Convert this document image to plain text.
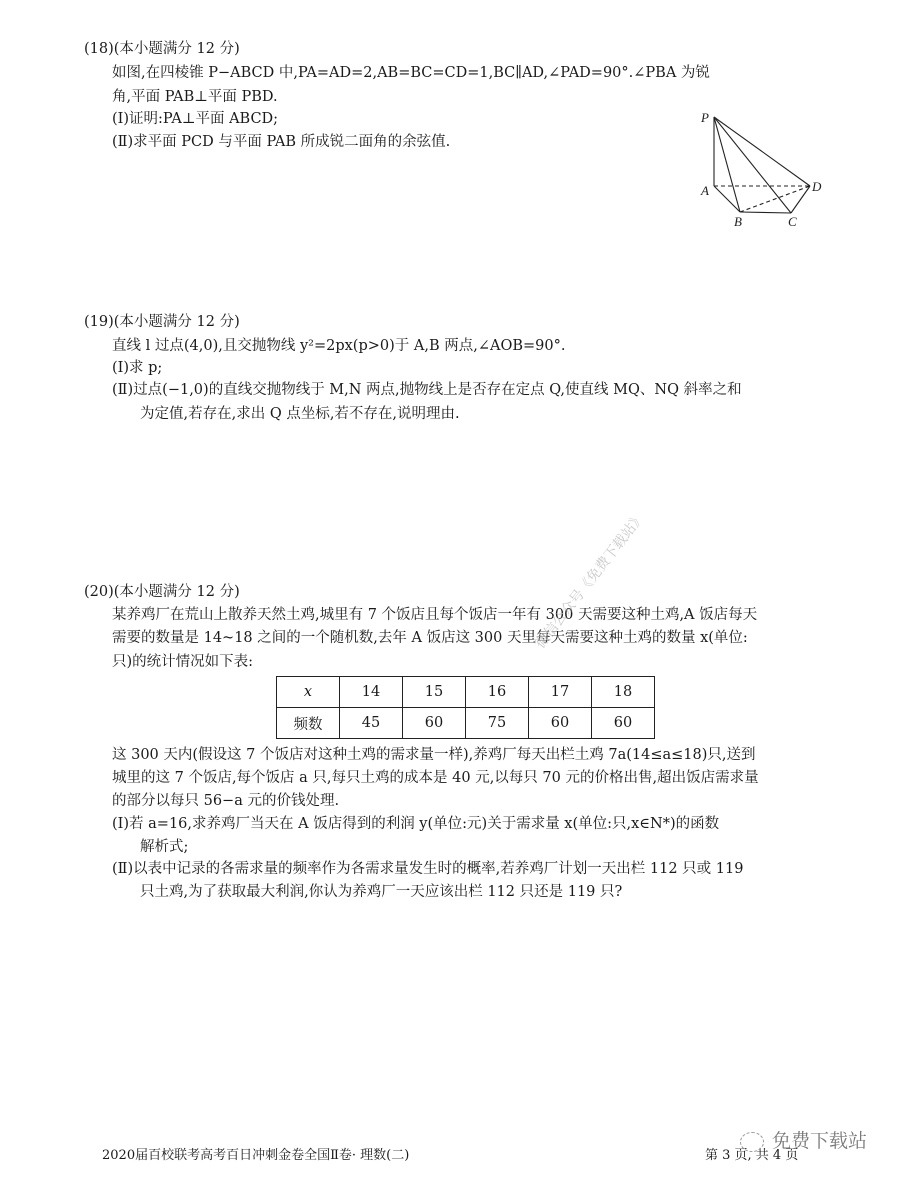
(18)(本小题满分 12 分)
如图,在四棱锥 P−ABCD 中,PA=AD=2,AB=BC=CD=1,BC∥AD,∠PAD=90°.∠PBA 为锐
角,平面 PAB⊥平面 PBD.
(Ⅰ)证明:PA⊥平面 ABCD;
(Ⅱ)求平面 PCD 与平面 PAB 所成锐二面角的余弦值.
P
A
B	C
D
(19)(本小题满分 12 分)
直线 l 过点(4,0),且交抛物线 y²=2px(p>0)于 A,B 两点,∠AOB=90°.
(Ⅰ)求 p;
(Ⅱ)过点(−1,0)的直线交抛物线于 M,N 两点,抛物线上是否存在定点 Q,使直线 MQ、NQ 斜率之和
为定值,若存在,求出 Q 点坐标,若不存在,说明理由.
(20)(本小题满分 12 分)
某养鸡厂在荒山上散养天然土鸡,城里有 7 个饭店且每个饭店一年有 300 天需要这种土鸡,A 饭店每天
需要的数量是 14~18 之间的一个随机数,去年 A 饭店这 300 天里每天需要这种土鸡的数量 x(单位:
只)的统计情况如下表:
x	14	15	16	17	18
频数	45	60	75	60	60
微信公众号《免费下载站》
这 300 天内(假设这 7 个饭店对这种土鸡的需求量一样),养鸡厂每天出栏土鸡 7a(14≤a≤18)只,送到
城里的这 7 个饭店,每个饭店 a 只,每只土鸡的成本是 40 元,以每只 70 元的价格出售,超出饭店需求量
的部分以每只 56−a 元的价钱处理.
(Ⅰ)若 a=16,求养鸡厂当天在 A 饭店得到的利润 y(单位:元)关于需求量 x(单位:只,x∈N*)的函数
解析式;
(Ⅱ)以表中记录的各需求量的频率作为各需求量发生时的概率,若养鸡厂计划一天出栏 112 只或 119
只土鸡,为了获取最大利润,你认为养鸡厂一天应该出栏 112 只还是 119 只?
2020届百校联考高考百日冲刺金卷全国Ⅱ卷· 理数(二)	第 3 页, 共 4 页
免费下载站
